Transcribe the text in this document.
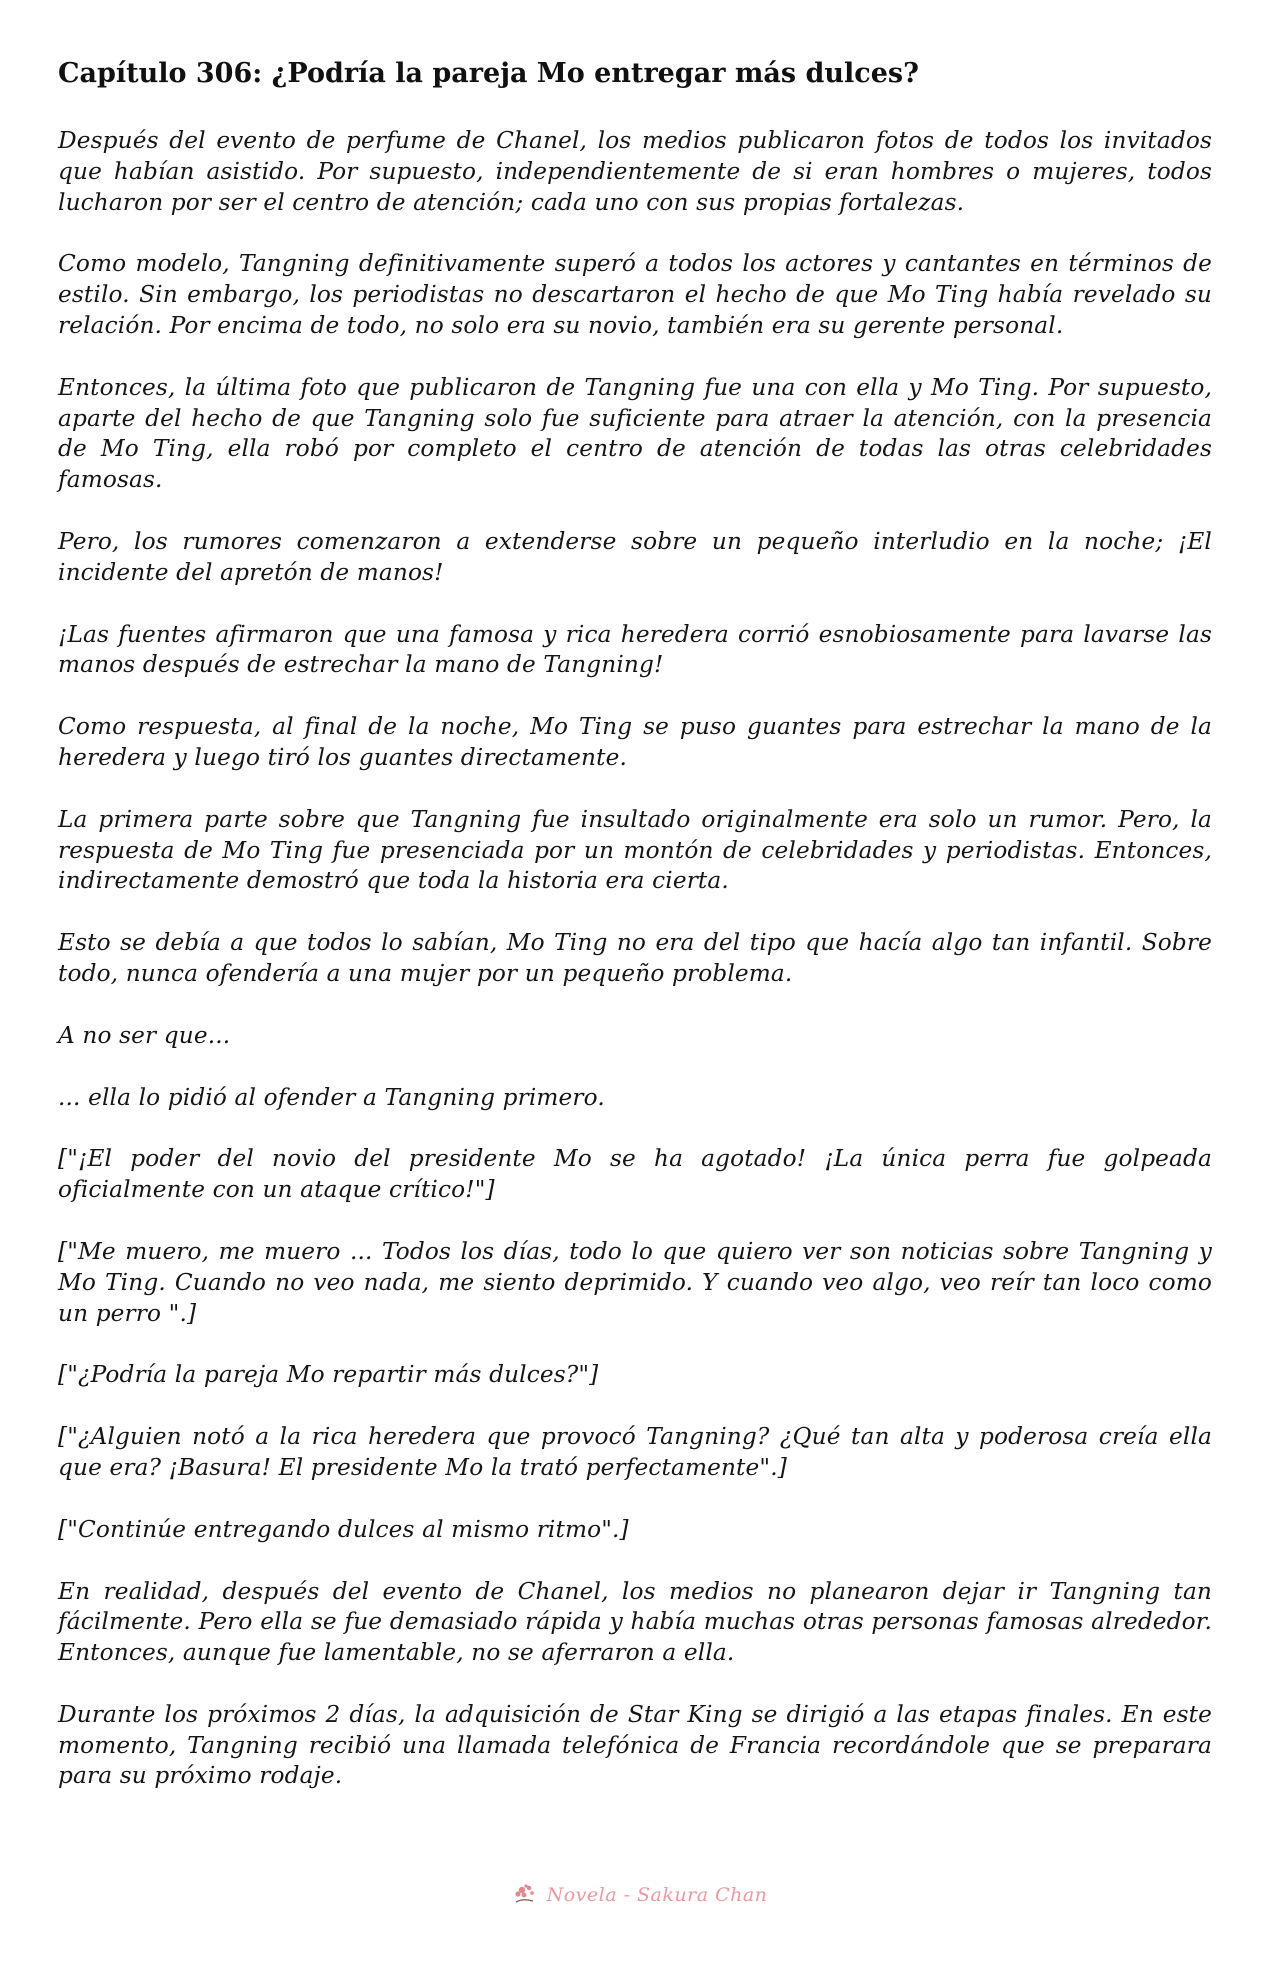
Capítulo 306: ¿Podría la pareja Mo entregar más dulces?

Después del evento de perfume de Chanel, los medios publicaron fotos de todos los invitados que habían asistido. Por supuesto, independientemente de si eran hombres o mujeres, todos lucharon por ser el centro de atención; cada uno con sus propias fortalezas.

Como modelo, Tangning definitivamente superó a todos los actores y cantantes en términos de estilo. Sin embargo, los periodistas no descartaron el hecho de que Mo Ting había revelado su relación. Por encima de todo, no solo era su novio, también era su gerente personal.

Entonces, la última foto que publicaron de Tangning fue una con ella y Mo Ting. Por supuesto, aparte del hecho de que Tangning solo fue suficiente para atraer la atención, con la presencia de Mo Ting, ella robó por completo el centro de atención de todas las otras celebridades famosas.

Pero, los rumores comenzaron a extenderse sobre un pequeño interludio en la noche; ¡El incidente del apretón de manos!

¡Las fuentes afirmaron que una famosa y rica heredera corrió esnobiosamente para lavarse las manos después de estrechar la mano de Tangning!

Como respuesta, al final de la noche, Mo Ting se puso guantes para estrechar la mano de la heredera y luego tiró los guantes directamente.

La primera parte sobre que Tangning fue insultado originalmente era solo un rumor. Pero, la respuesta de Mo Ting fue presenciada por un montón de celebridades y periodistas. Entonces, indirectamente demostró que toda la historia era cierta.

Esto se debía a que todos lo sabían, Mo Ting no era del tipo que hacía algo tan infantil. Sobre todo, nunca ofendería a una mujer por un pequeño problema.

A no ser que...

... ella lo pidió al ofender a Tangning primero.

["¡El poder del novio del presidente Mo se ha agotado! ¡La única perra fue golpeada oficialmente con un ataque crítico!"]

["Me muero, me muero ... Todos los días, todo lo que quiero ver son noticias sobre Tangning y Mo Ting. Cuando no veo nada, me siento deprimido. Y cuando veo algo, veo reír tan loco como un perro ".]

["¿Podría la pareja Mo repartir más dulces?"]

["¿Alguien notó a la rica heredera que provocó Tangning? ¿Qué tan alta y poderosa creía ella que era? ¡Basura! El presidente Mo la trató perfectamente".]

["Continúe entregando dulces al mismo ritmo".]

En realidad, después del evento de Chanel, los medios no planearon dejar ir Tangning tan fácilmente. Pero ella se fue demasiado rápida y había muchas otras personas famosas alrededor. Entonces, aunque fue lamentable, no se aferraron a ella.

Durante los próximos 2 días, la adquisición de Star King se dirigió a las etapas finales. En este momento, Tangning recibió una llamada telefónica de Francia recordándole que se preparara para su próximo rodaje.

Novela - Sakura Chan
